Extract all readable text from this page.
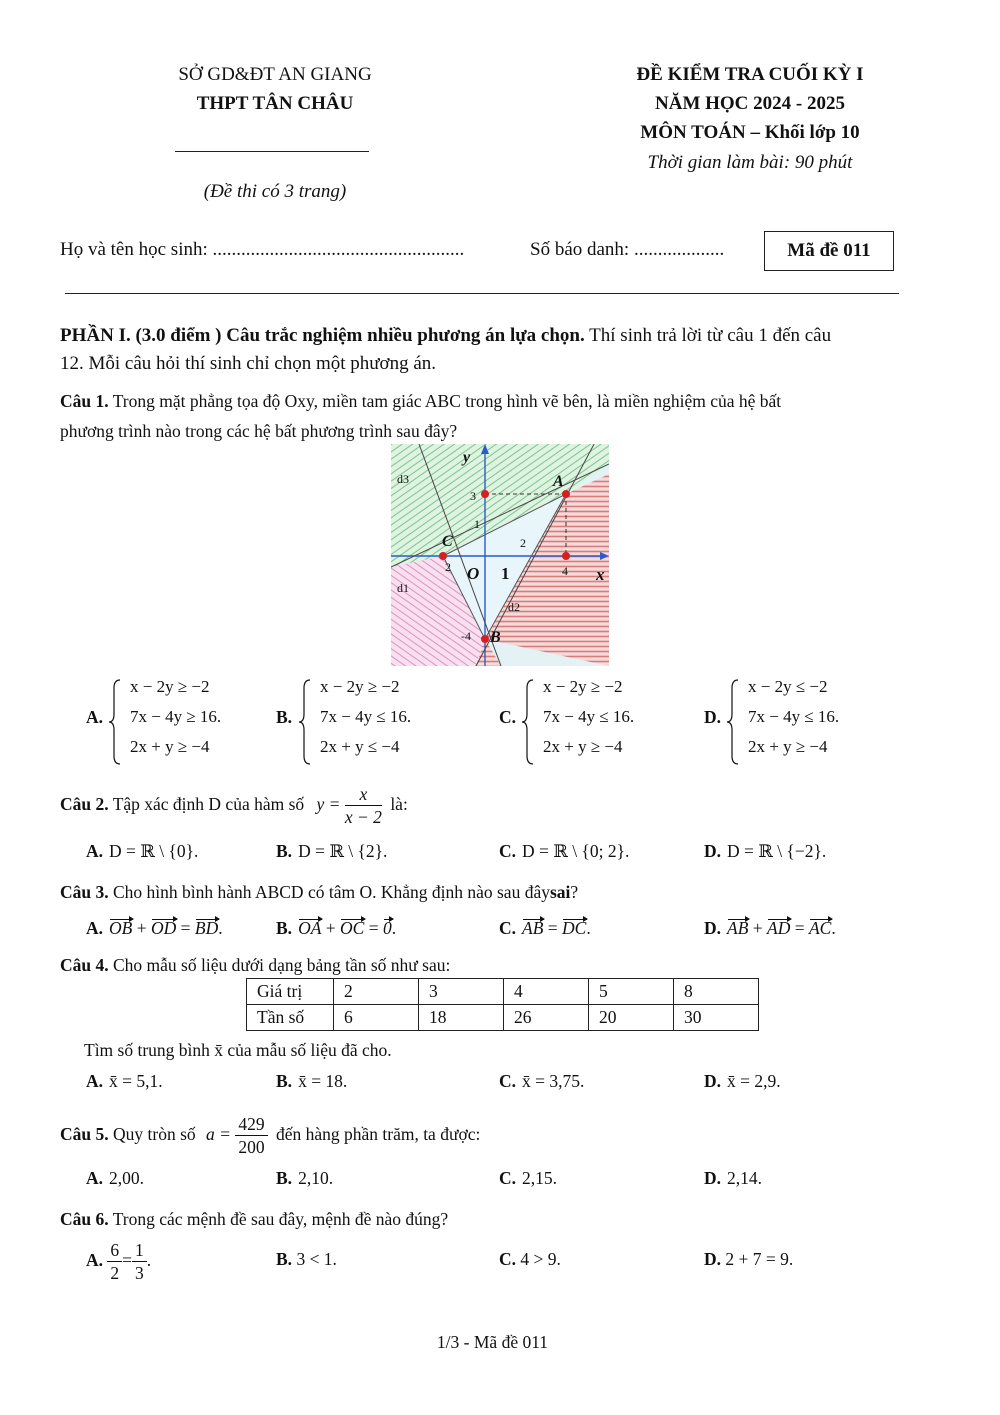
SỞ GD&ĐT AN GIANG
THPT TÂN CHÂU
(Đề thi có 3 trang)
ĐỀ KIỂM TRA CUỐI KỲ I
NĂM HỌC 2024 - 2025
MÔN TOÁN – Khối lớp 10
Thời gian làm bài: 90 phút
Họ và tên học sinh: .....................................................	Số báo danh: ...................	Mã đề 011
PHẦN I. (3.0 điểm ) Câu trắc nghiệm nhiều phương án lựa chọn. Thí sinh trả lời từ câu 1 đến câu
12. Mỗi câu hỏi thí sinh chỉ chọn một phương án.
Câu 1. Trong mặt phẳng tọa độ Oxy, miền tam giác ABC trong hình vẽ bên, là miền nghiệm của hệ bất
phương trình nào trong các hệ bất phương trình sau đây?
y
x
O
A
B
C
d3
d1
d2
3
1
2
2	1	4
-4
A.
x − 2y ≥ −2
7x − 4y ≥ 16.
2x + y ≥ −4
B.
x − 2y ≥ −2
7x − 4y ≤ 16.
2x + y ≤ −4
C.
x − 2y ≥ −2
7x − 4y ≤ 16.
2x + y ≥ −4
D.
x − 2y ≤ −2
7x − 4y ≤ 16.
2x + y ≥ −4
Câu 2. Tập xác định D của hàm số $y = \frac{x}{x - 2}$ là:
A. D = ℝ \ {0}.	B. D = ℝ \ {2}.	C. D = ℝ \ {0; 2}.	D. D = ℝ \ {−2}.
Câu 3. Cho hình bình hành ABCD có tâm O. Khẳng định nào sau đâysai?
A. OB + OD = BD.	B. OA + OC = 0.	C. AB = DC.	D. AB + AD = AC.
Câu 4. Cho mẫu số liệu dưới dạng bảng tần số như sau:
Giá trị	2	3	4	5	8
Tần số	6	18	26	20	30
Tìm số trung bình x̄ của mẫu số liệu đã cho.
A. x̄ = 5,1.	B. x̄ = 18.	C. x̄ = 3,75.	D. x̄ = 2,9.
Câu 5. Quy tròn số $a = \frac{429}{200}$ đến hàng phần trăm, ta được:
A. 2,00.	B. 2,10.	C. 2,15.	D. 2,14.
Câu 6. Trong các mệnh đề sau đây, mệnh đề nào đúng?
A. $\frac{6}{2} = \frac{1}{3}$ .	B. 3 < 1.	C. 4 > 9.	D. 2 + 7 = 9.
1/3 - Mã đề 011
